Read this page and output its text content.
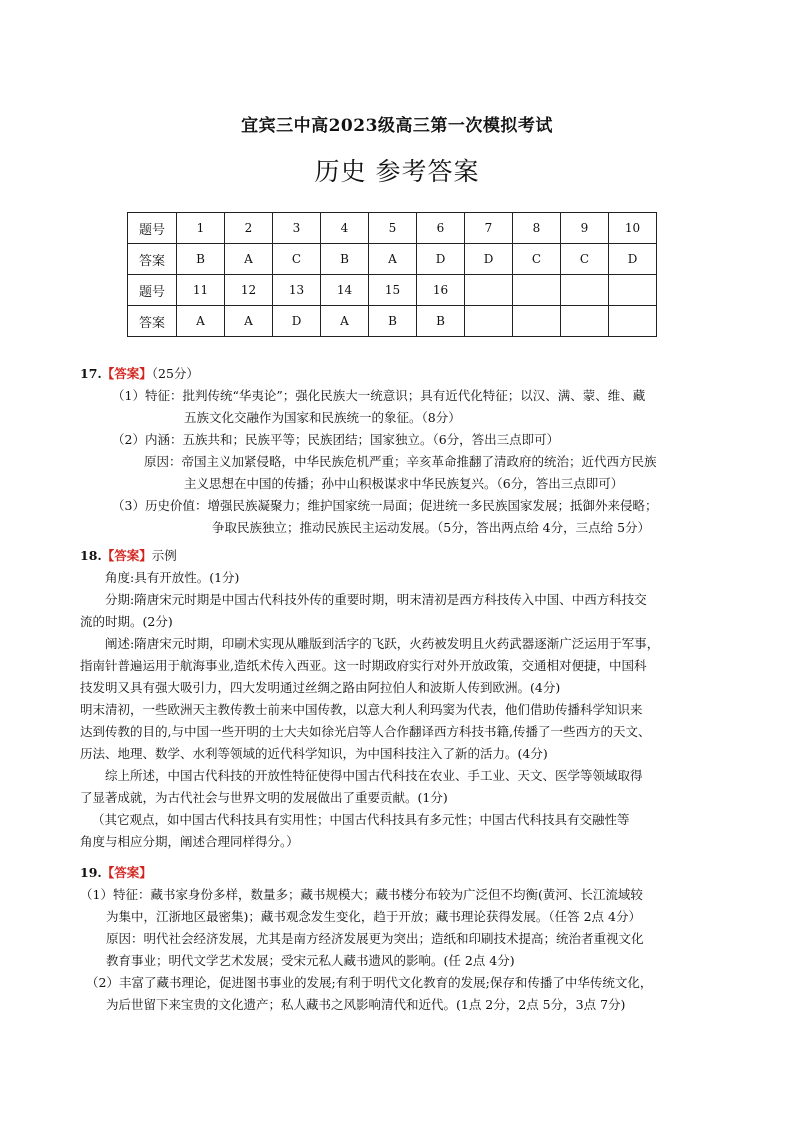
宜宾三中高2023级高三第一次模拟考试
历史 参考答案
题号	1	2	3	4	5	6	7	8	9	10
答案	B	A	C	B	A	D	D	C	C	D
题号	11	12	13	14	15	16				
答案	A	A	D	A	B	B				
17.【答案】（25分）
（1）特征：批判传统“华夷论”；强化民族大一统意识；具有近代化特征；以汉、满、蒙、维、藏
五族文化交融作为国家和民族统一的象征。（8分）
（2）内涵：五族共和；民族平等；民族团结；国家独立。（6分，答出三点即可）
原因：帝国主义加紧侵略，中华民族危机严重；辛亥革命推翻了清政府的统治；近代西方民族
主义思想在中国的传播；孙中山积极谋求中华民族复兴。（6分，答出三点即可）
（3）历史价值：增强民族凝聚力；维护国家统一局面；促进统一多民族国家发展；抵御外来侵略；
争取民族独立；推动民族民主运动发展。（5分，答出两点给 4分，三点给 5分）
18.【答案】示例
角度:具有开放性。(1分)
分期:隋唐宋元时期是中国古代科技外传的重要时期，明末清初是西方科技传入中国、中西方科技交
流的时期。(2分)
阐述:隋唐宋元时期，印刷术实现从雕版到活字的飞跃，火药被发明且火药武器逐渐广泛运用于军事，
指南针普遍运用于航海事业,造纸术传入西亚。这一时期政府实行对外开放政策，交通相对便捷，中国科
技发明又具有强大吸引力，四大发明通过丝绸之路由阿拉伯人和波斯人传到欧洲。(4分)
明末清初，一些欧洲天主教传教士前来中国传教，以意大利人利玛窦为代表，他们借助传播科学知识来
达到传教的目的,与中国一些开明的士大夫如徐光启等人合作翻译西方科技书籍,传播了一些西方的天文、
历法、地理、数学、水利等领域的近代科学知识，为中国科技注入了新的活力。(4分)
综上所述，中国古代科技的开放性特征使得中国古代科技在农业、手工业、天文、医学等领域取得
了显著成就，为古代社会与世界文明的发展做出了重要贡献。(1分)
（其它观点，如中国古代科技具有实用性；中国古代科技具有多元性；中国古代科技具有交融性等
角度与相应分期，阐述合理同样得分。）
19.【答案】
（1）特征：藏书家身份多样，数量多；藏书规模大；藏书楼分布较为广泛但不均衡(黄河、长江流域较
为集中，江浙地区最密集)；藏书观念发生变化，趋于开放；藏书理论获得发展。（任答 2点 4分）
原因：明代社会经济发展，尤其是南方经济发展更为突出；造纸和印刷技术提高；统治者重视文化
教育事业；明代文学艺术发展；受宋元私人藏书遗风的影响。(任 2点 4分)
（2）丰富了藏书理论，促进图书事业的发展;有利于明代文化教育的发展;保存和传播了中华传统文化，
为后世留下来宝贵的文化遗产；私人藏书之风影响清代和近代。(1点 2分，2点 5分，3点 7分)
